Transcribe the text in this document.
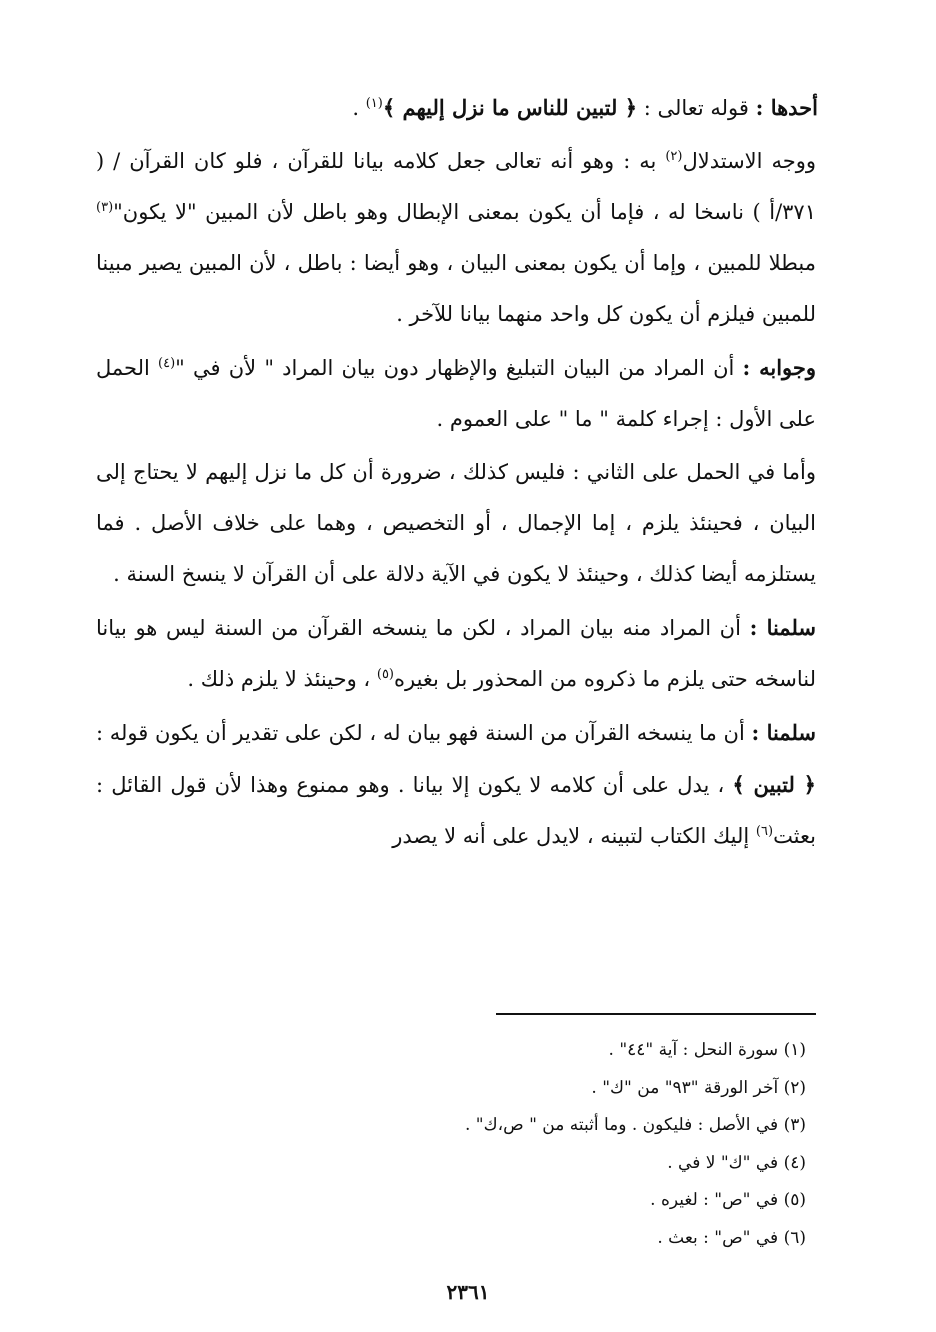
أحدها : قوله تعالى : ﴿ لتبين للناس ما نزل إليهم ﴾$^{(١)}$ .

ووجه الاستدلال$^{(٢)}$ به : وهو أنه تعالى جعل كلامه بيانا للقرآن ، فلو كان القرآن / ( ٣٧١/أ ) ناسخا له ، فإما أن يكون بمعنى الإبطال وهو باطل لأن المبين "لا يكون"$^{(٣)}$ مبطلا للمبين ، وإما أن يكون بمعنى البيان ، وهو أيضا : باطل ، لأن المبين يصير مبينا للمبين فيلزم أن يكون كل واحد منهما بيانا للآخر .

وجوابه : أن المراد من البيان التبليغ والإظهار دون بيان المراد " لأن في "$^{(٤)}$ الحمل على الأول : إجراء كلمة " ما " على العموم .

وأما في الحمل على الثاني : فليس كذلك ، ضرورة أن كل ما نزل إليهم لا يحتاج إلى البيان ، فحينئذ يلزم ، إما الإجمال ، أو التخصيص ، وهما على خلاف الأصل . فما يستلزمه أيضا كذلك ، وحينئذ لا يكون في الآية دلالة على أن القرآن لا ينسخ السنة .

سلمنا : أن المراد منه بيان المراد ، لكن ما ينسخه القرآن من السنة ليس هو بيانا لناسخه حتى يلزم ما ذكروه من المحذور بل بغيره$^{(٥)}$ ، وحينئذ لا يلزم ذلك .

سلمنا : أن ما ينسخه القرآن من السنة فهو بيان له ، لكن على تقدير أن يكون قوله : ﴿ لتبين ﴾ ، يدل على أن كلامه لا يكون إلا بيانا . وهو ممنوع وهذا لأن قول القائل : بعثت$^{(٦)}$ إليك الكتاب لتبينه ، لايدل على أنه لا يصدر

(١) سورة النحل : آية "٤٤" .
(٢) آخر الورقة "٩٣" من "ك" .
(٣) في الأصل : فليكون . وما أثبته من " ص،ك" .
(٤) في "ك" لا في .
(٥) في "ص" : لغيره .
(٦) في "ص" : بعث .
٢٣٦١
